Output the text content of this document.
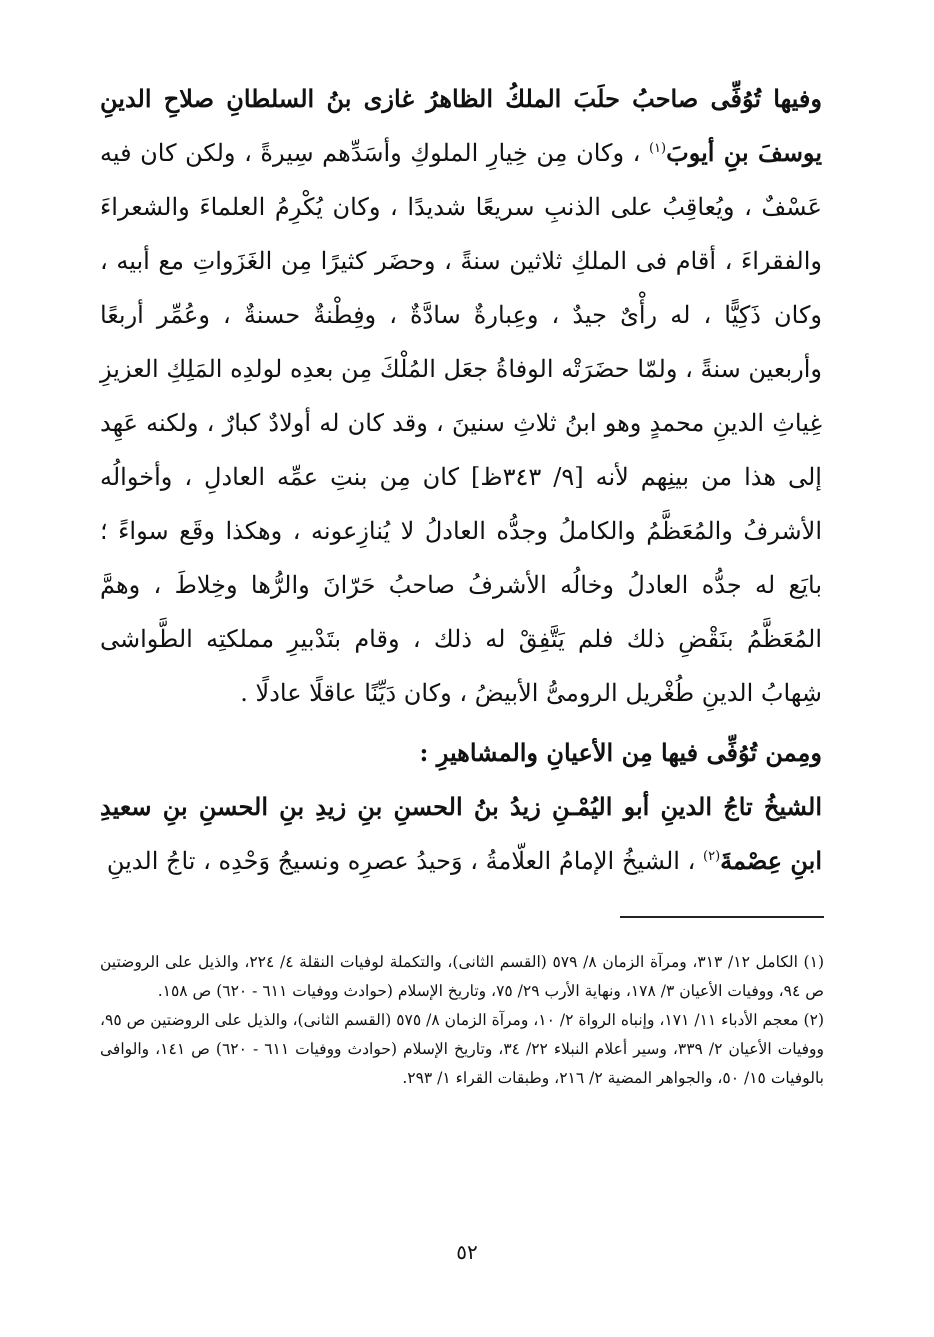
وفيها تُوُفِّى صاحبُ حلَبَ الملكُ الظاهرُ غازى بنُ السلطانِ صلاحِ الدينِ يوسفَ بنِ أيوبَ$^{(١)}$ ، وكان مِن خِيارِ الملوكِ وأسَدِّهم سِيرةً ، ولكن كان فيه عَسْفٌ ، ويُعاقِبُ على الذنبِ سريعًا شديدًا ، وكان يُكْرِمُ العلماءَ والشعراءَ والفقراءَ ، أقام فى الملكِ ثلاثين سنةً ، وحضَر كثيرًا مِن الغَزَواتِ مع أبيه ، وكان ذَكِيًّا ، له رأْىٌ جيدٌ ، وعِبارةٌ سادَّةٌ ، وفِطْنةٌ حسنةٌ ، وعُمِّر أربعًا وأربعين سنةً ، ولمّا حضَرَتْه الوفاةُ جعَل المُلْكَ مِن بعدِه لولدِه المَلِكِ العزيزِ غِياثِ الدينِ محمدٍ وهو ابنُ ثلاثِ سنينَ ، وقد كان له أولادٌ كبارٌ ، ولكنه عَهِد إلى هذا من بينِهم لأنه [٩/ ٣٤٣ظ] كان مِن بنتِ عمِّه العادلِ ، وأخوالُه الأشرفُ والمُعَظَّمُ والكاملُ وجدُّه العادلُ لا يُنازِعونه ، وهكذا وقَع سواءً ؛ بايَع له جدُّه العادلُ وخالُه الأشرفُ صاحبُ حَرّانَ والرُّها وخِلاطَ ، وهمَّ المُعَظَّمُ بنَقْضِ ذلك فلم يَتَّفِقْ له ذلك ، وقام بتَدْبيرِ مملكتِه الطَّواشى شِهابُ الدينِ طُغْريل الرومىُّ الأبيضُ ، وكان دَيِّنًا عاقلًا عادلًا .

ومِمن تُوُفِّى فيها مِن الأعيانِ والمشاهيرِ :

الشيخُ تاجُ الدينِ أبو اليُمْـنِ زيدُ بنُ الحسنِ بنِ زيدِ بنِ الحسنِ بنِ سعيدِ ابنِ عِصْمةَ$^{(٢)}$ ، الشيخُ الإمامُ العلّامةُ ، وَحيدُ عصرِه ونسيجُ وَحْدِه ، تاجُ الدينِ

(١) الكامل ١٢/ ٣١٣، ومرآة الزمان ٨/ ٥٧٩ (القسم الثانى)، والتكملة لوفيات النقلة ٤/ ٢٢٤، والذيل على الروضتين ص ٩٤، ووفيات الأعيان ٣/ ١٧٨، ونهاية الأرب ٢٩/ ٧٥، وتاريخ الإسلام (حوادث ووفيات ٦١١ - ٦٢٠) ص ١٥٨.

(٢) معجم الأدباء ١١/ ١٧١، وإنباه الرواة ٢/ ١٠، ومرآة الزمان ٨/ ٥٧٥ (القسم الثانى)، والذيل على الروضتين ص ٩٥، ووفيات الأعيان ٢/ ٣٣٩، وسير أعلام النبلاء ٢٢/ ٣٤، وتاريخ الإسلام (حوادث ووفيات ٦١١ - ٦٢٠) ص ١٤١، والوافى بالوفيات ١٥/ ٥٠، والجواهر المضية ٢/ ٢١٦، وطبقات القراء ١/ ٢٩٣.

٥٢
